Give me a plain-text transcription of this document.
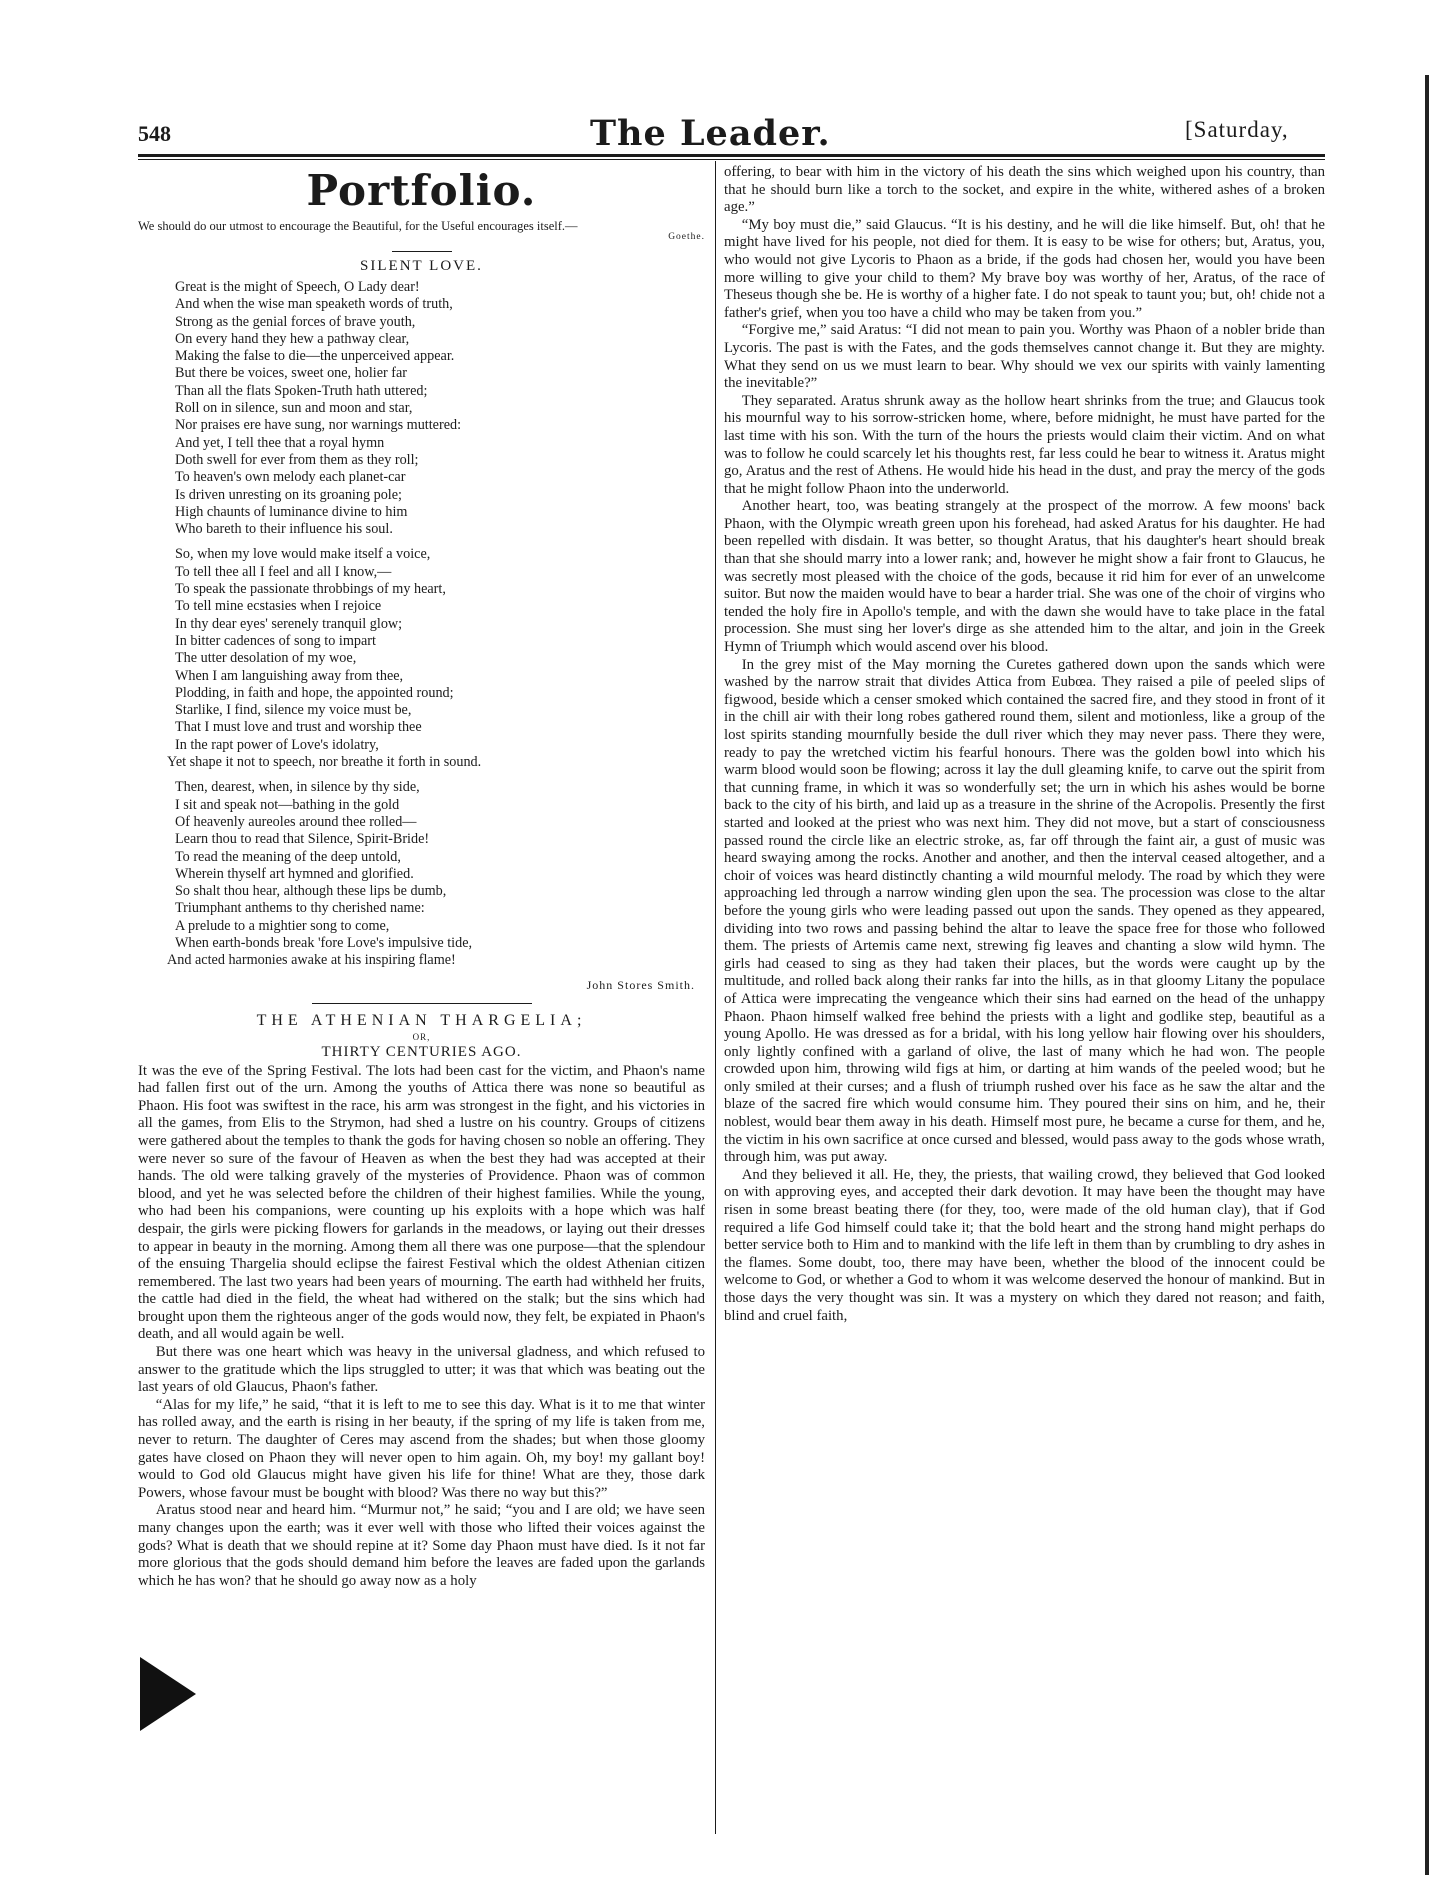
548	The Leader.	[Saturday,
Portfolio.
We should do our utmost to encourage the Beautiful, for the Useful encourages itself.—
Goethe.
SILENT LOVE.
Great is the might of Speech, O Lady dear!
And when the wise man speaketh words of truth,
Strong as the genial forces of brave youth,
On every hand they hew a pathway clear,
Making the false to die—the unperceived appear.
But there be voices, sweet one, holier far
Than all the flats Spoken-Truth hath uttered;
Roll on in silence, sun and moon and star,
Nor praises ere have sung, nor warnings muttered:
And yet, I tell thee that a royal hymn
Doth swell for ever from them as they roll;
To heaven's own melody each planet-car
Is driven unresting on its groaning pole;
High chaunts of luminance divine to him
Who bareth to their influence his soul.
So, when my love would make itself a voice,
To tell thee all I feel and all I know,—
To speak the passionate throbbings of my heart,
To tell mine ecstasies when I rejoice
In thy dear eyes' serenely tranquil glow;
In bitter cadences of song to impart
The utter desolation of my woe,
When I am languishing away from thee,
Plodding, in faith and hope, the appointed round;
Starlike, I find, silence my voice must be,
That I must love and trust and worship thee
In the rapt power of Love's idolatry,
Yet shape it not to speech, nor breathe it forth in sound.
Then, dearest, when, in silence by thy side,
I sit and speak not—bathing in the gold
Of heavenly aureoles around thee rolled—
Learn thou to read that Silence, Spirit-Bride!
To read the meaning of the deep untold,
Wherein thyself art hymned and glorified.
So shalt thou hear, although these lips be dumb,
Triumphant anthems to thy cherished name:
A prelude to a mightier song to come,
When earth-bonds break 'fore Love's impulsive tide,
And acted harmonies awake at his inspiring flame!
John Stores Smith.
THE ATHENIAN THARGELIA;
OR,
THIRTY CENTURIES AGO.

It was the eve of the Spring Festival. The lots had been cast for the victim, and Phaon's name had fallen first out of the urn. Among the youths of Attica there was none so beautiful as Phaon. His foot was swiftest in the race, his arm was strongest in the fight, and his victories in all the games, from Elis to the Strymon, had shed a lustre on his country. Groups of citizens were gathered about the temples to thank the gods for having chosen so noble an offering. They were never so sure of the favour of Heaven as when the best they had was accepted at their hands. The old were talking gravely of the mysteries of Providence. Phaon was of common blood, and yet he was selected before the children of their highest families. While the young, who had been his companions, were counting up his exploits with a hope which was half despair, the girls were picking flowers for garlands in the meadows, or laying out their dresses to appear in beauty in the morning. Among them all there was one purpose—that the splendour of the ensuing Thargelia should eclipse the fairest Festival which the oldest Athenian citizen remembered. The last two years had been years of mourning. The earth had withheld her fruits, the cattle had died in the field, the wheat had withered on the stalk; but the sins which had brought upon them the righteous anger of the gods would now, they felt, be expiated in Phaon's death, and all would again be well.

But there was one heart which was heavy in the universal gladness, and which refused to answer to the gratitude which the lips struggled to utter; it was that which was beating out the last years of old Glaucus, Phaon's father.

“Alas for my life,” he said, “that it is left to me to see this day. What is it to me that winter has rolled away, and the earth is rising in her beauty, if the spring of my life is taken from me, never to return. The daughter of Ceres may ascend from the shades; but when those gloomy gates have closed on Phaon they will never open to him again. Oh, my boy! my gallant boy! would to God old Glaucus might have given his life for thine! What are they, those dark Powers, whose favour must be bought with blood? Was there no way but this?”

Aratus stood near and heard him. “Murmur not,” he said; “you and I are old; we have seen many changes upon the earth; was it ever well with those who lifted their voices against the gods? What is death that we should repine at it? Some day Phaon must have died. Is it not far more glorious that the gods should demand him before the leaves are faded upon the garlands which he has won? that he should go away now as a holy

offering, to bear with him in the victory of his death the sins which weighed upon his country, than that he should burn like a torch to the socket, and expire in the white, withered ashes of a broken age.”

“My boy must die,” said Glaucus. “It is his destiny, and he will die like himself. But, oh! that he might have lived for his people, not died for them. It is easy to be wise for others; but, Aratus, you, who would not give Lycoris to Phaon as a bride, if the gods had chosen her, would you have been more willing to give your child to them? My brave boy was worthy of her, Aratus, of the race of Theseus though she be. He is worthy of a higher fate. I do not speak to taunt you; but, oh! chide not a father's grief, when you too have a child who may be taken from you.”

“Forgive me,” said Aratus: “I did not mean to pain you. Worthy was Phaon of a nobler bride than Lycoris. The past is with the Fates, and the gods themselves cannot change it. But they are mighty. What they send on us we must learn to bear. Why should we vex our spirits with vainly lamenting the inevitable?”

They separated. Aratus shrunk away as the hollow heart shrinks from the true; and Glaucus took his mournful way to his sorrow-stricken home, where, before midnight, he must have parted for the last time with his son. With the turn of the hours the priests would claim their victim. And on what was to follow he could scarcely let his thoughts rest, far less could he bear to witness it. Aratus might go, Aratus and the rest of Athens. He would hide his head in the dust, and pray the mercy of the gods that he might follow Phaon into the underworld.

Another heart, too, was beating strangely at the prospect of the morrow. A few moons' back Phaon, with the Olympic wreath green upon his forehead, had asked Aratus for his daughter. He had been repelled with disdain. It was better, so thought Aratus, that his daughter's heart should break than that she should marry into a lower rank; and, however he might show a fair front to Glaucus, he was secretly most pleased with the choice of the gods, because it rid him for ever of an unwelcome suitor. But now the maiden would have to bear a harder trial. She was one of the choir of virgins who tended the holy fire in Apollo's temple, and with the dawn she would have to take place in the fatal procession. She must sing her lover's dirge as she attended him to the altar, and join in the Greek Hymn of Triumph which would ascend over his blood.

In the grey mist of the May morning the Curetes gathered down upon the sands which were washed by the narrow strait that divides Attica from Eubœa. They raised a pile of peeled slips of figwood, beside which a censer smoked which contained the sacred fire, and they stood in front of it in the chill air with their long robes gathered round them, silent and motionless, like a group of the lost spirits standing mournfully beside the dull river which they may never pass. There they were, ready to pay the wretched victim his fearful honours. There was the golden bowl into which his warm blood would soon be flowing; across it lay the dull gleaming knife, to carve out the spirit from that cunning frame, in which it was so wonderfully set; the urn in which his ashes would be borne back to the city of his birth, and laid up as a treasure in the shrine of the Acropolis. Presently the first started and looked at the priest who was next him. They did not move, but a start of consciousness passed round the circle like an electric stroke, as, far off through the faint air, a gust of music was heard swaying among the rocks. Another and another, and then the interval ceased altogether, and a choir of voices was heard distinctly chanting a wild mournful melody. The road by which they were approaching led through a narrow winding glen upon the sea. The procession was close to the altar before the young girls who were leading passed out upon the sands. They opened as they appeared, dividing into two rows and passing behind the altar to leave the space free for those who followed them. The priests of Artemis came next, strewing fig leaves and chanting a slow wild hymn. The girls had ceased to sing as they had taken their places, but the words were caught up by the multitude, and rolled back along their ranks far into the hills, as in that gloomy Litany the populace of Attica were imprecating the vengeance which their sins had earned on the head of the unhappy Phaon. Phaon himself walked free behind the priests with a light and godlike step, beautiful as a young Apollo. He was dressed as for a bridal, with his long yellow hair flowing over his shoulders, only lightly confined with a garland of olive, the last of many which he had won. The people crowded upon him, throwing wild figs at him, or darting at him wands of the peeled wood; but he only smiled at their curses; and a flush of triumph rushed over his face as he saw the altar and the blaze of the sacred fire which would consume him. They poured their sins on him, and he, their noblest, would bear them away in his death. Himself most pure, he became a curse for them, and he, the victim in his own sacrifice at once cursed and blessed, would pass away to the gods whose wrath, through him, was put away.

And they believed it all. He, they, the priests, that wailing crowd, they believed that God looked on with approving eyes, and accepted their dark devotion. It may have been the thought may have risen in some breast beating there (for they, too, were made of the old human clay), that if God required a life God himself could take it; that the bold heart and the strong hand might perhaps do better service both to Him and to mankind with the life left in them than by crumbling to dry ashes in the flames. Some doubt, too, there may have been, whether the blood of the innocent could be welcome to God, or whether a God to whom it was welcome deserved the honour of mankind. But in those days the very thought was sin. It was a mystery on which they dared not reason; and faith, blind and cruel faith,
